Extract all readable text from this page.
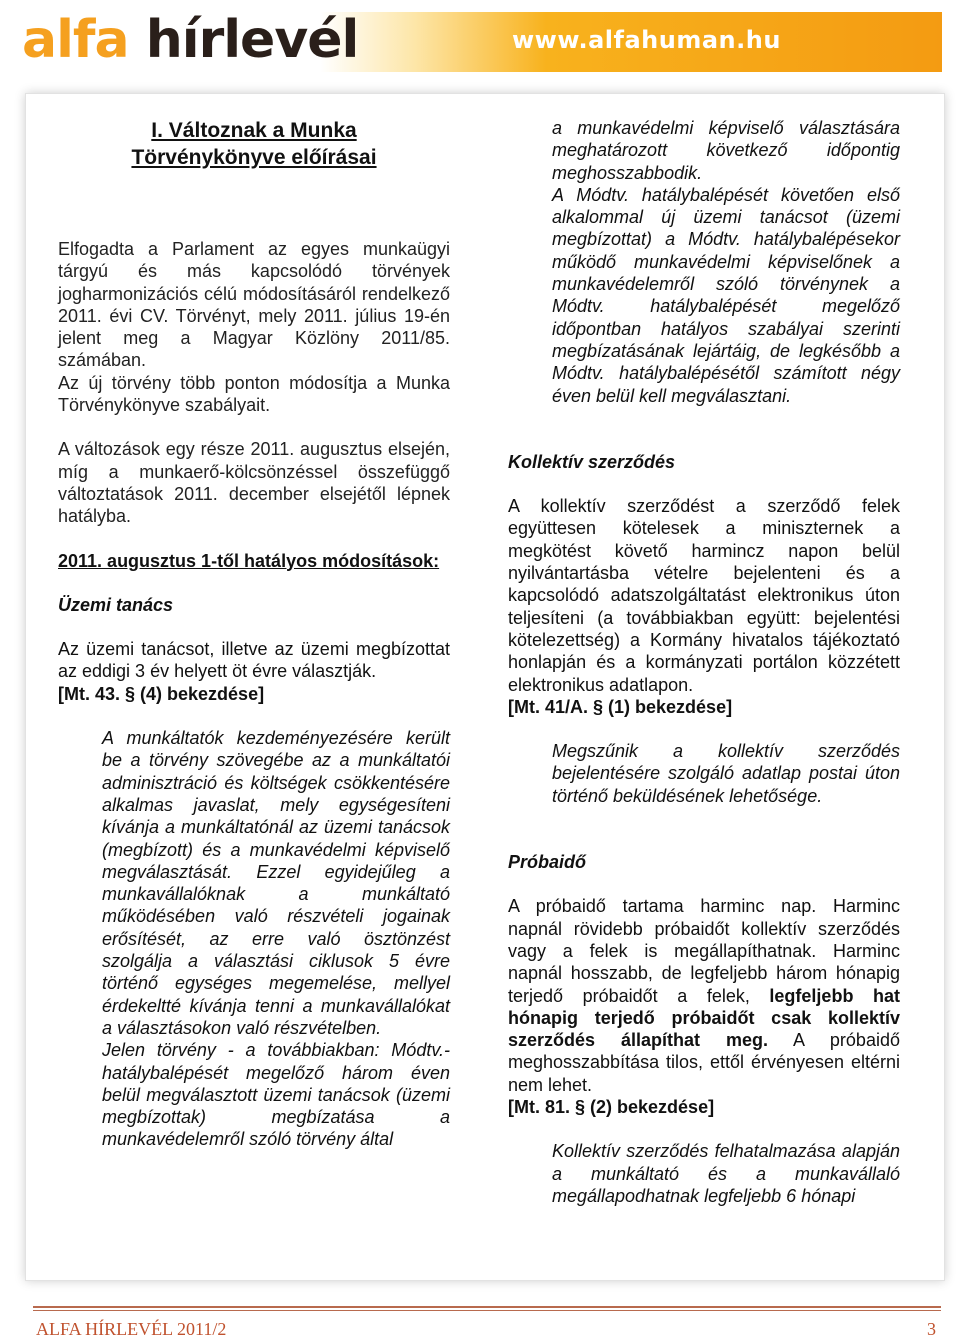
alfa hírlevél	www.alfahuman.hu
I. Változnak a Munka
Törvénykönyve előírásai

Elfogadta a Parlament az egyes munkaügyi tárgyú és más kapcsolódó törvények jogharmonizációs célú módosításáról rendelkező 2011. évi CV. Törvényt, mely 2011. július 19-én jelent meg a Magyar Közlöny 2011/85. számában.

Az új törvény több ponton módosítja a Munka Törvénykönyve szabályait.

A változások egy része 2011. augusztus elsején, míg a munkaerő-kölcsönzéssel összefüggő változtatások 2011. december elsejétől lépnek hatályba.

2011. augusztus 1-től hatályos módosítások:

Üzemi tanács

Az üzemi tanácsot, illetve az üzemi megbízottat az eddigi 3 év helyett öt évre választják.

[Mt. 43. § (4) bekezdése]

A munkáltatók kezdeményezésére került be a törvény szövegébe az a munkáltatói adminisztráció és költségek csökkentésére alkalmas javaslat, mely egységesíteni kívánja a munkáltatónál az üzemi tanácsok (megbízott) és a munkavédelmi képviselő megválasztását. Ezzel egyidejűleg a munkavállalóknak a munkáltató működésében való részvételi jogainak erősítését, az erre való ösztönzést szolgálja a választási ciklusok 5 évre történő egységes megemelése, mellyel érdekeltté kívánja tenni a munkavállalókat a választásokon való részvételben.

Jelen törvény - a továbbiakban: Módtv.- hatálybalépését megelőző három éven belül megválasztott üzemi tanácsok (üzemi megbízottak) megbízatása a munkavédelemről szóló törvény által

a munkavédelmi képviselő választására meghatározott következő időpontig meghosszabbodik.

A Módtv. hatálybalépését követően első alkalommal új üzemi tanácsot (üzemi megbízottat) a Módtv. hatálybalépésekor működő munkavédelmi képviselőnek a munkavédelemről szóló törvénynek a Módtv. hatálybalépését megelőző időpontban hatályos szabályai szerinti megbízatásának lejártáig, de legkésőbb a Módtv. hatálybalépésétől számított négy éven belül kell megválasztani.

Kollektív szerződés

A kollektív szerződést a szerződő felek együttesen kötelesek a miniszternek a megkötést követő harmincz napon belül nyilvántartásba vételre bejelenteni és a kapcsolódó adatszolgáltatást elektronikus úton teljesíteni (a továbbiakban együtt: bejelentési kötelezettség) a Kormány hivatalos tájékoztató honlapján és a kormányzati portálon közzétett elektronikus adatlapon.

[Mt. 41/A. § (1) bekezdése]

Megszűnik a kollektív szerződés bejelentésére szolgáló adatlap postai úton történő beküldésének lehetősége.

Próbaidő

A próbaidő tartama harminc nap. Harminc napnál rövidebb próbaidőt kollektív szerződés vagy a felek is megállapíthatnak. Harminc napnál hosszabb, de legfeljebb három hónapig terjedő próbaidőt a felek, legfeljebb hat hónapig terjedő próbaidőt csak kollektív szerződés állapíthat meg. A próbaidő meghosszabbítása tilos, ettől érvényesen eltérni nem lehet.

[Mt. 81. § (2) bekezdése]

Kollektív szerződés felhatalmazása alapján a munkáltató és a munkavállaló megállapodhatnak legfeljebb 6 hónapi

ALFA HÍRLEVÉL 2011/2	3
